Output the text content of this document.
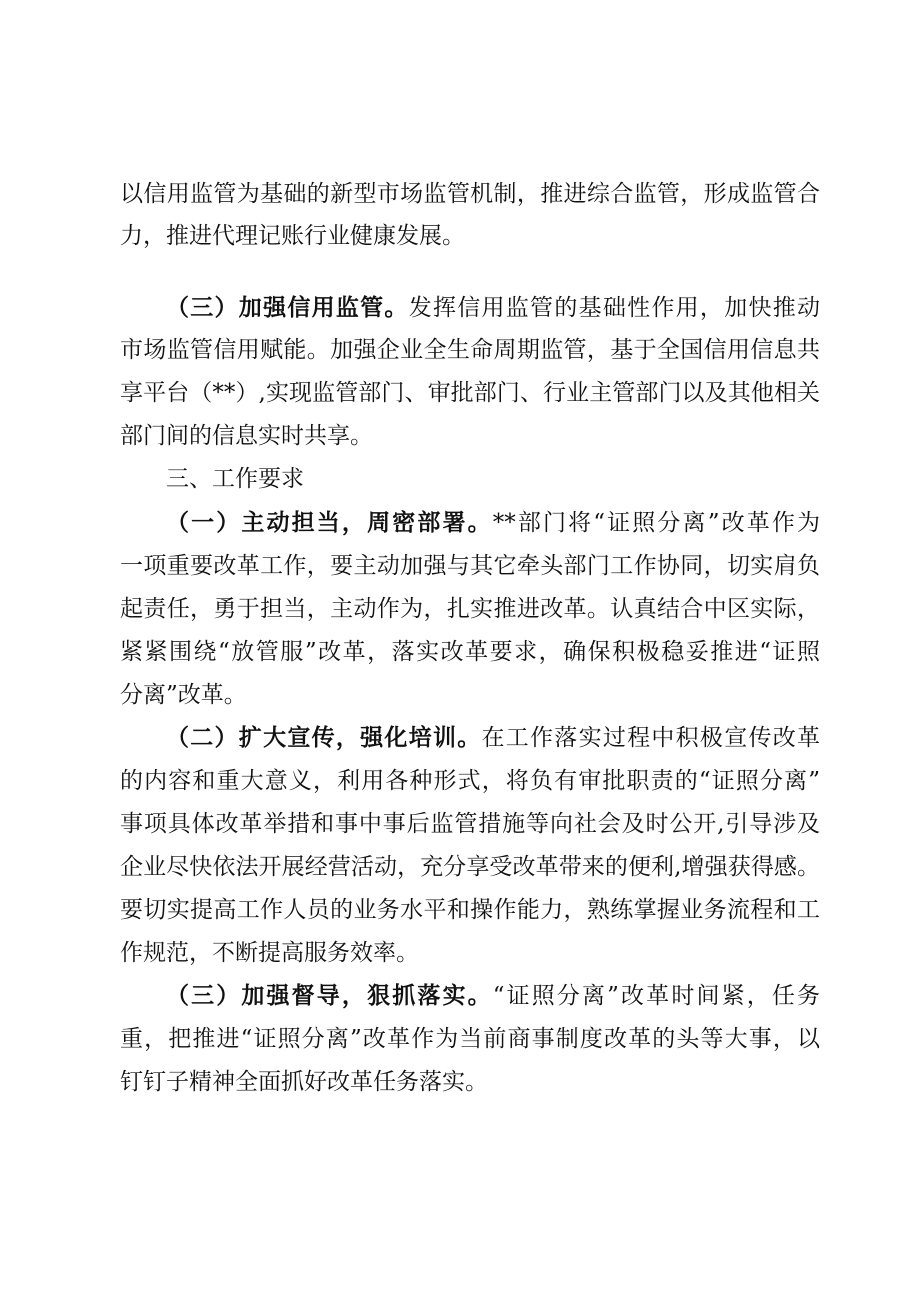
以信用监管为基础的新型市场监管机制，推进综合监管，形成监管合
力，推进代理记账行业健康发展。
（三）加强信用监管。发挥信用监管的基础性作用，加快推动
市场监管信用赋能。加强企业全生命周期监管，基于全国信用信息共
享平台（**）,实现监管部门、审批部门、行业主管部门以及其他相关
部门间的信息实时共享。
三、工作要求
（一）主动担当，周密部署。**部门将“证照分离”改革作为
一项重要改革工作，要主动加强与其它牵头部门工作协同，切实肩负
起责任，勇于担当，主动作为，扎实推进改革。认真结合中区实际，
紧紧围绕“放管服”改革，落实改革要求，确保积极稳妥推进“证照
分离”改革。
（二）扩大宣传，强化培训。在工作落实过程中积极宣传改革
的内容和重大意义，利用各种形式，将负有审批职责的“证照分离”
事项具体改革举措和事中事后监管措施等向社会及时公开,引导涉及
企业尽快依法开展经营活动，充分享受改革带来的便利,增强获得感。
要切实提高工作人员的业务水平和操作能力，熟练掌握业务流程和工
作规范，不断提高服务效率。
（三）加强督导，狠抓落实。“证照分离”改革时间紧，任务
重，把推进“证照分离”改革作为当前商事制度改革的头等大事，以
钉钉子精神全面抓好改革任务落实。
